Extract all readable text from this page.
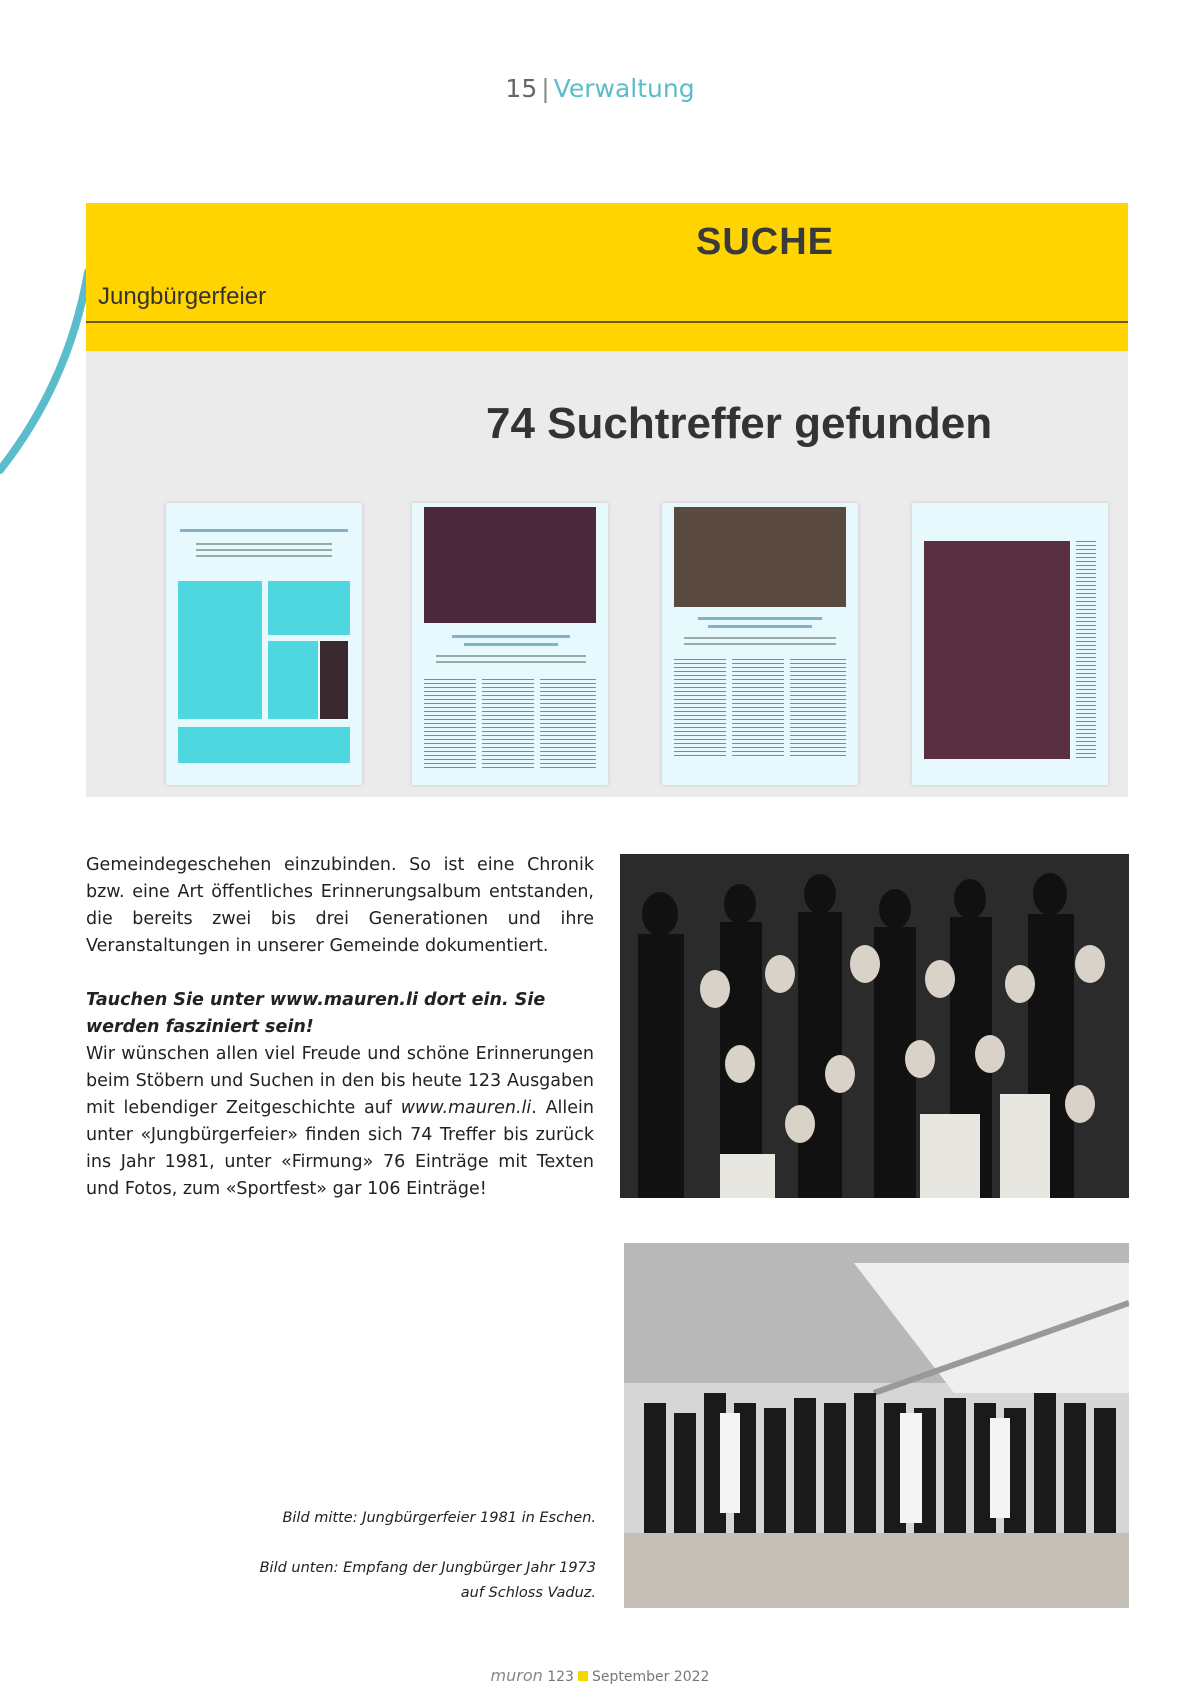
15 | Verwaltung
SUCHE
Jungbürgerfeier
74 Suchtreffer gefunden

Gemeindegeschehen einzubinden. So ist eine Chronik bzw. eine Art öffentliches Erinnerungsalbum entstanden, die bereits zwei bis drei Generationen und ihre Veranstaltungen in unserer Gemeinde dokumentiert.

Tauchen Sie unter www.mauren.li dort ein. Sie werden fasziniert sein!

Wir wünschen allen viel Freude und schöne Erinnerungen beim Stöbern und Suchen in den bis heute 123 Ausgaben mit lebendiger Zeitgeschichte auf www.mauren.li. Allein unter «Jungbürgerfeier» finden sich 74 Treffer bis zurück ins Jahr 1981, unter «Firmung» 76 Einträge mit Texten und Fotos, zum «Sportfest» gar 106 Einträge!

Bild mitte: Jungbürgerfeier 1981 in Eschen.
Bild unten: Empfang der Jungbürger Jahr 1973 auf Schloss Vaduz.
muron 123 September 2022
